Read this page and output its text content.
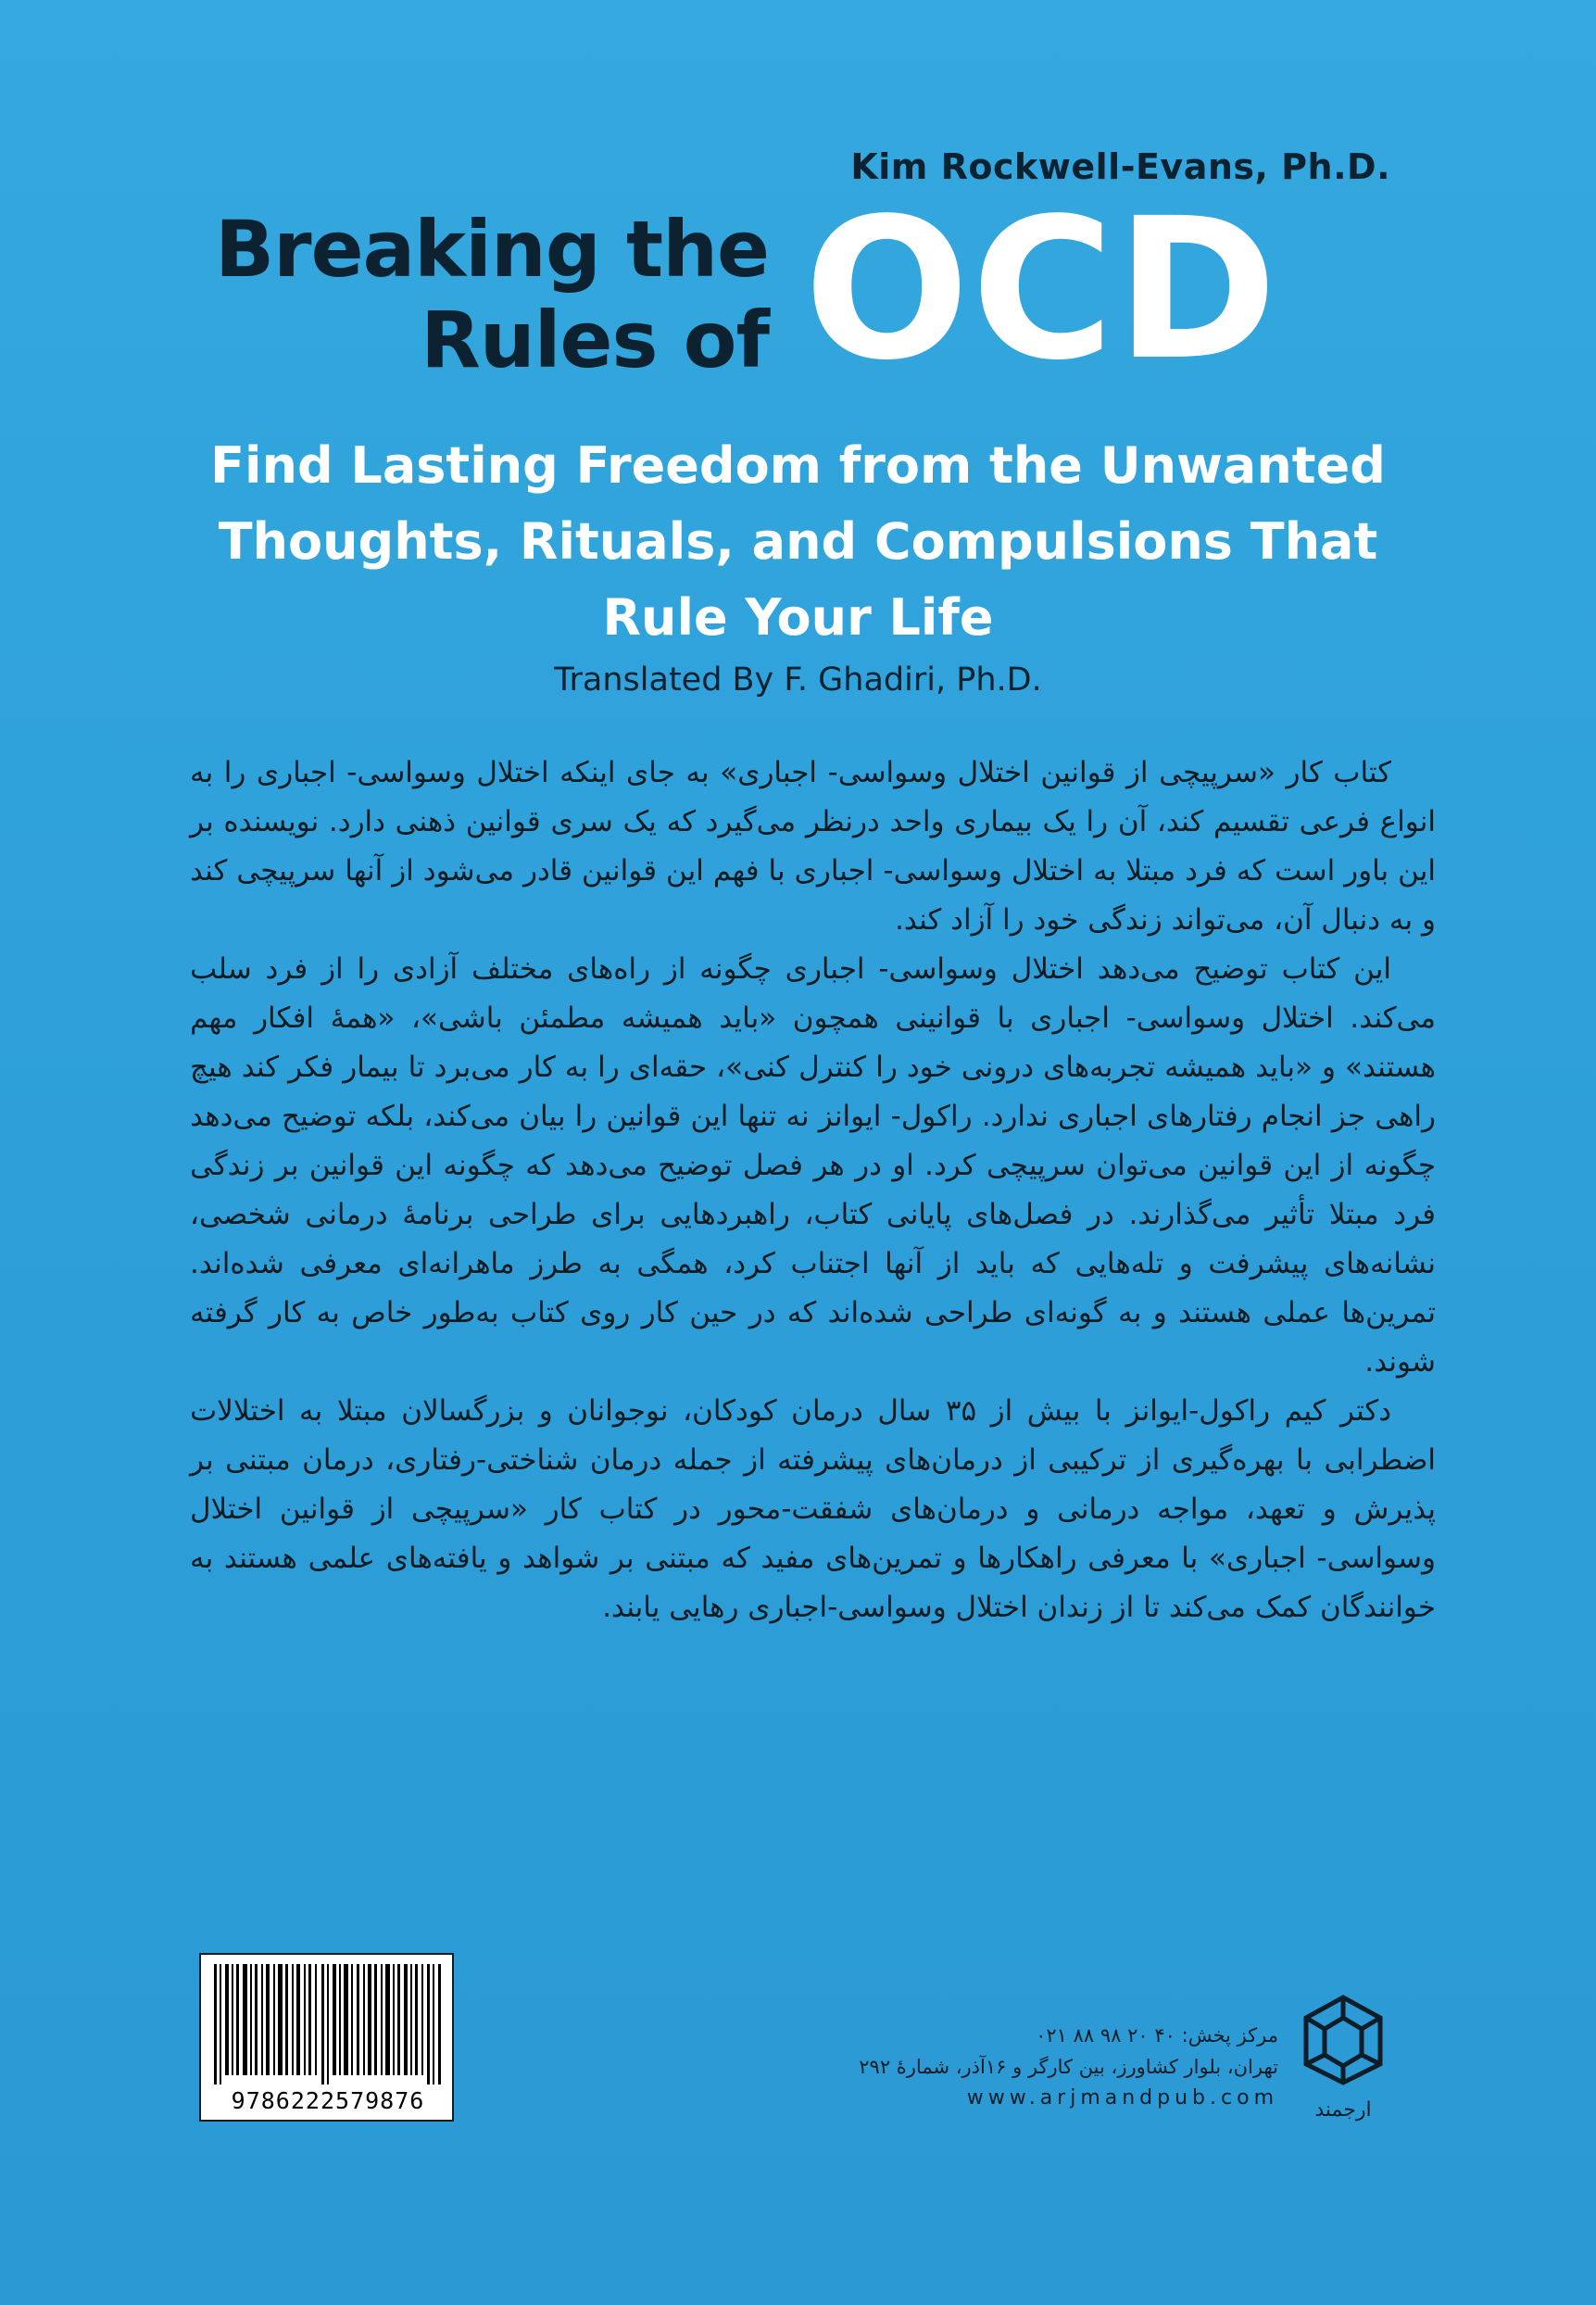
Kim Rockwell-Evans, Ph.D.
Breaking the
Rules of OCD
Find Lasting Freedom from the Unwanted
Thoughts, Rituals, and Compulsions That
Rule Your Life
Translated By F. Ghadiri, Ph.D.

کتاب کار «سرپیچی از قوانین اختلال وسواسی- اجباری» به جای اینکه اختلال وسواسی- اجباری را به انواع فرعی تقسیم کند، آن را یک بیماری واحد درنظر می‌گیرد که یک سری قوانین ذهنی دارد. نویسنده بر این باور است که فرد مبتلا به اختلال وسواسی- اجباری با فهم این قوانین قادر می‌شود از آنها سرپیچی کند و به دنبال آن، می‌تواند زندگی خود را آزاد کند.

این کتاب توضیح می‌دهد اختلال وسواسی- اجباری چگونه از راه‌های مختلف آزادی را از فرد سلب می‌کند. اختلال وسواسی- اجباری با قوانینی همچون «باید همیشه مطمئن باشی»، «همهٔ افکار مهم هستند» و «باید همیشه تجربه‌های درونی خود را کنترل کنی»، حقه‌ای را به کار می‌برد تا بیمار فکر کند هیچ راهی جز انجام رفتارهای اجباری ندارد. راکول- ایوانز نه تنها این قوانین را بیان می‌کند، بلکه توضیح می‌دهد چگونه از این قوانین می‌توان سرپیچی کرد. او در هر فصل توضیح می‌دهد که چگونه این قوانین بر زندگی فرد مبتلا تأثیر می‌گذارند. در فصل‌های پایانی کتاب، راهبردهایی برای طراحی برنامهٔ درمانی شخصی، نشانه‌های پیشرفت و تله‌هایی که باید از آنها اجتناب کرد، همگی به طرز ماهرانه‌ای معرفی شده‌اند. تمرین‌ها عملی هستند و به گونه‌ای طراحی شده‌اند که در حین کار روی کتاب به‌طور خاص به کار گرفته شوند.

دکتر کیم راکول-ایوانز با بیش از ۳۵ سال درمان کودکان، نوجوانان و بزرگسالان مبتلا به اختلالات اضطرابی با بهره‌گیری از ترکیبی از درمان‌های پیشرفته از جمله درمان شناختی-رفتاری، درمان مبتنی بر پذیرش و تعهد، مواجه درمانی و درمان‌های شفقت-محور در کتاب کار «سرپیچی از قوانین اختلال وسواسی- اجباری» با معرفی راهکارها و تمرین‌های مفید که مبتنی بر شواهد و یافته‌های علمی هستند به خوانندگان کمک می‌کند تا از زندان اختلال وسواسی-اجباری رهایی یابند.

9786222579876
مرکز پخش: ۴۰ ۲۰ ۹۸ ۸۸ ۰۲۱
تهران، بلوار کشاورز، بین کارگر و ۱۶آذر، شمارهٔ ۲۹۲
www.arjmandpub.com
ارجمند
